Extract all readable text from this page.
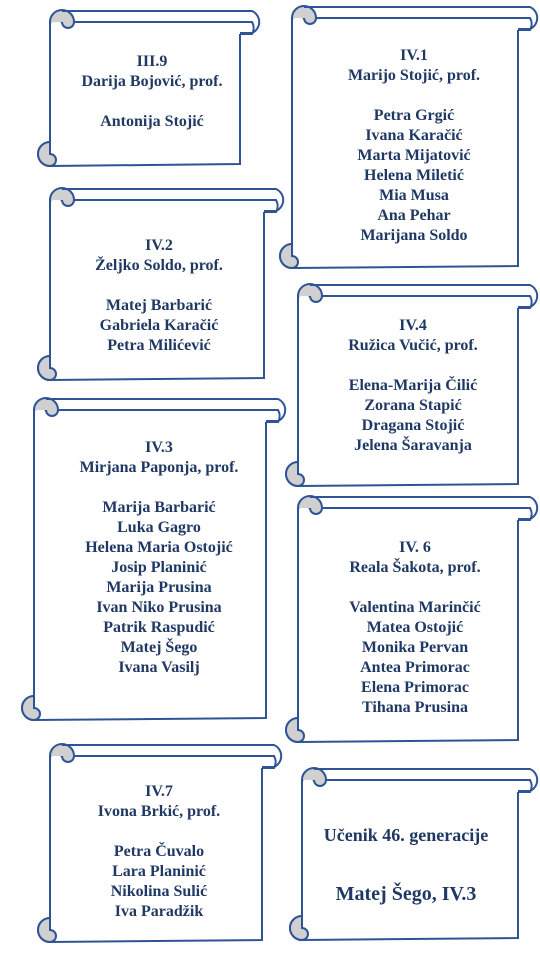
III.9
Darija Bojović, prof.
Antonija Stojić
IV.1
Marijo Stojić, prof.
Petra Grgić
Ivana Karačić
Marta Mijatović
Helena Miletić
Mia Musa
Ana Pehar
Marijana Soldo
IV.2
Željko Soldo, prof.
Matej Barbarić
Gabriela Karačić
Petra Milićević
IV.4
Ružica Vučić, prof.
Elena-Marija Čilić
Zorana Stapić
Dragana Stojić
Jelena Šaravanja
IV.3
Mirjana Paponja, prof.
Marija Barbarić
Luka Gagro
Helena Maria Ostojić
Josip Planinić
Marija Prusina
Ivan Niko Prusina
Patrik Raspudić
Matej Šego
Ivana Vasilj
IV. 6
Reala Šakota, prof.
Valentina Marinčić
Matea Ostojić
Monika Pervan
Antea Primorac
Elena Primorac
Tihana Prusina
IV.7
Ivona Brkić, prof.
Petra Čuvalo
Lara Planinić
Nikolina Sulić
Iva Paradžik
Učenik 46. generacije
Matej Šego, IV.3
